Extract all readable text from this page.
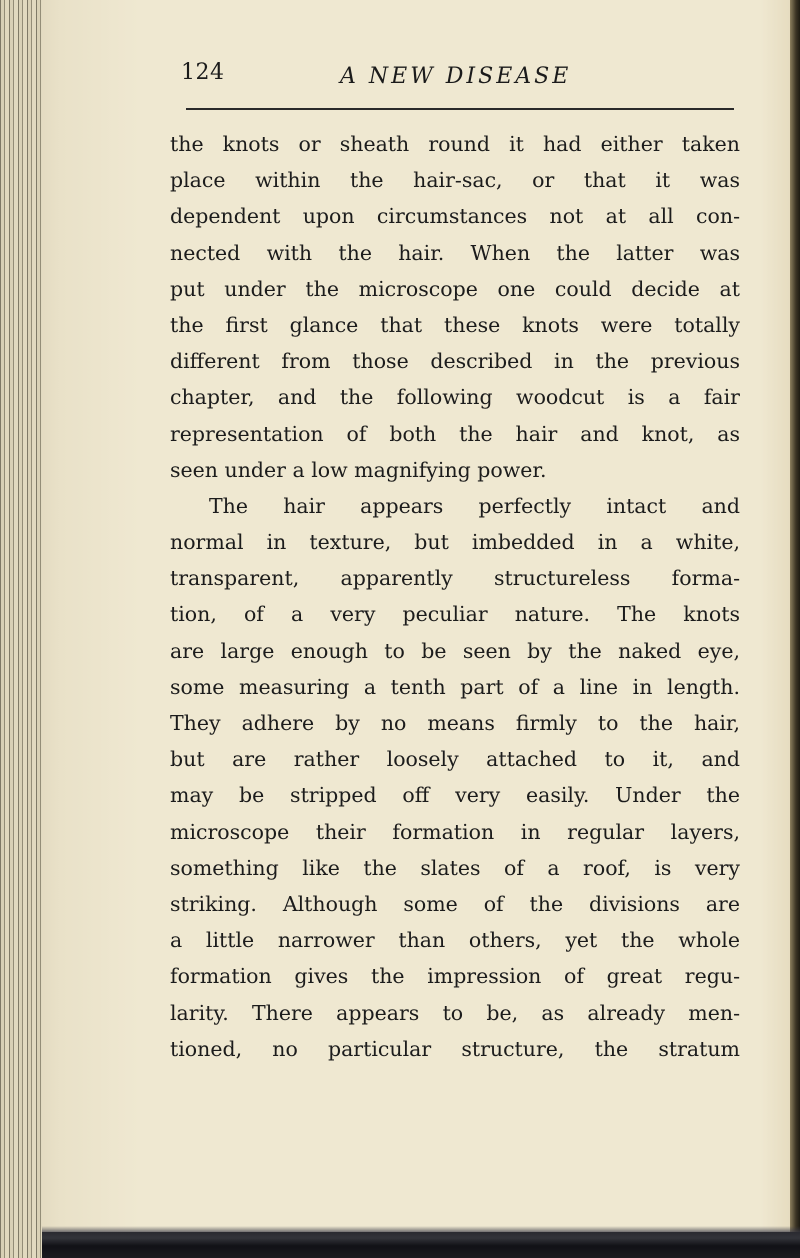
124	A NEW DISEASE
the knots or sheath round it had either taken
place within the hair-sac, or that it was
dependent upon circumstances not at all con-
nected with the hair. When the latter was
put under the microscope one could decide at
the first glance that these knots were totally
different from those described in the previous
chapter, and the following woodcut is a fair
representation of both the hair and knot, as
seen under a low magnifying power.
The hair appears perfectly intact and
normal in texture, but imbedded in a white,
transparent, apparently structureless forma-
tion, of a very peculiar nature. The knots
are large enough to be seen by the naked eye,
some measuring a tenth part of a line in length.
They adhere by no means firmly to the hair,
but are rather loosely attached to it, and
may be stripped off very easily. Under the
microscope their formation in regular layers,
something like the slates of a roof, is very
striking. Although some of the divisions are
a little narrower than others, yet the whole
formation gives the impression of great regu-
larity. There appears to be, as already men-
tioned, no particular structure, the stratum
